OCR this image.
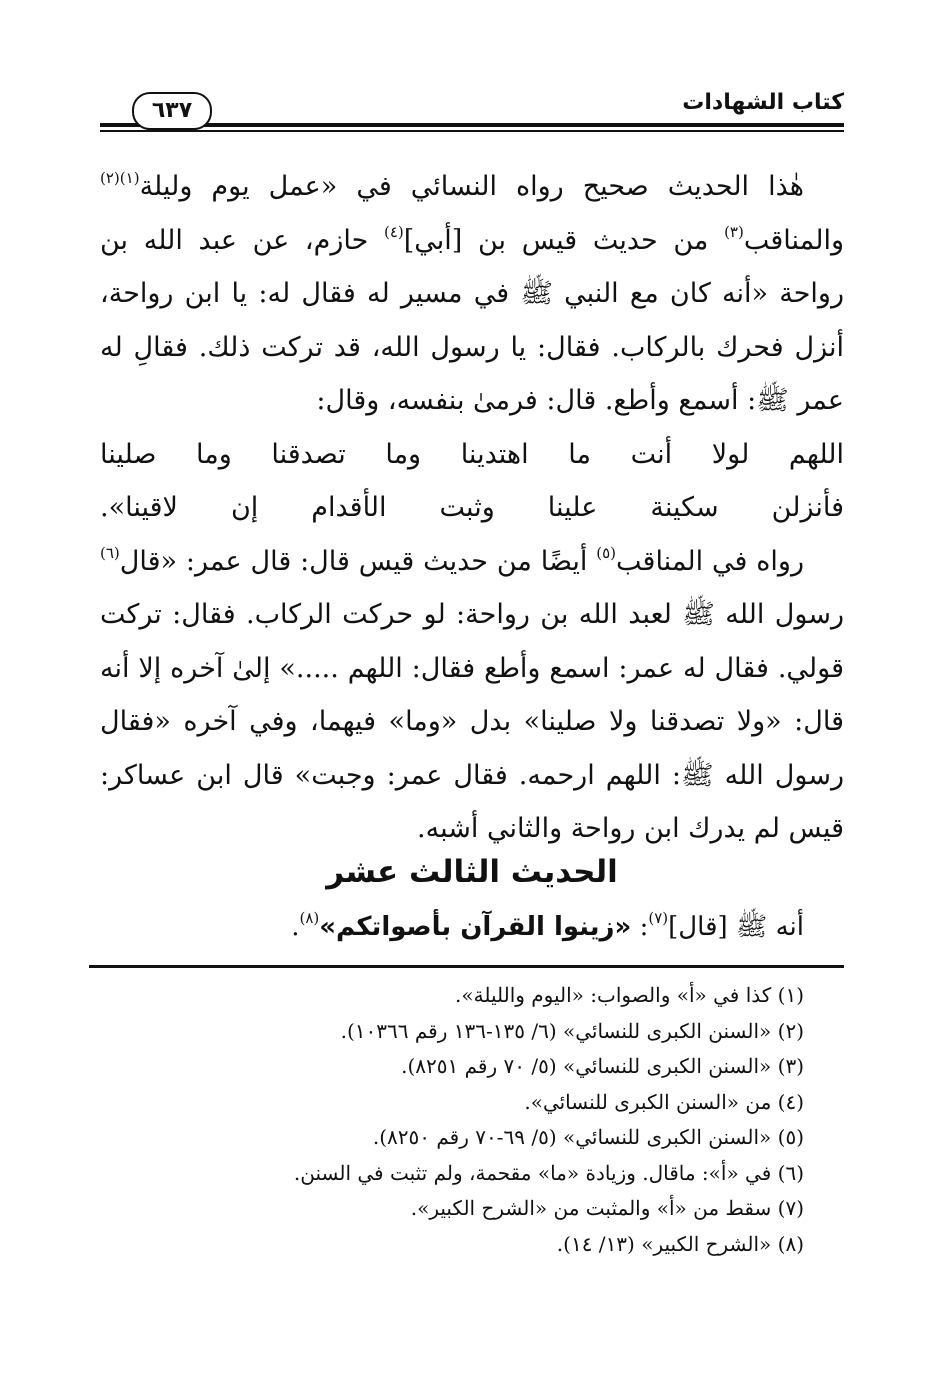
كتاب الشهادات
٦٣٧

هٰذا الحديث صحيح رواه النسائي في «عمل يوم وليلة$^{(١)(٢)}$ والمناقب$^{(٣)}$ من حديث قيس بن [أبي]$^{(٤)}$ حازم، عن عبد الله بن رواحة «أنه كان مع النبي ﷺ في مسير له فقال له: يا ابن رواحة، أنزل فحرك بالركاب. فقال: يا رسول الله، قد تركت ذلك. فقالِ له عمر ﷺ: أسمع وأطع. قال: فرمىٰ بنفسه، وقال:

اللهم لولا أنت ما اهتدينا وما تصدقنا وما صلينا
فأنزلن سكينة علينا وثبت الأقدام إن لاقينا».

رواه في المناقب$^{(٥)}$ أيضًا من حديث قيس قال: قال عمر: «قال$^{(٦)}$ رسول الله ﷺ لعبد الله بن رواحة: لو حركت الركاب. فقال: تركت قولي. فقال له عمر: اسمع وأطع فقال: اللهم .....» إلىٰ آخره إلا أنه قال: «ولا تصدقنا ولا صلينا» بدل «وما» فيهما، وفي آخره «فقال رسول الله ﷺ: اللهم ارحمه. فقال عمر: وجبت» قال ابن عساكر: قيس لم يدرك ابن رواحة والثاني أشبه.

الحديث الثالث عشر
أنه ﷺ [قال]$^{(٧)}$: «زينوا القرآن بأصواتكم»$^{(٨)}$.
(١) كذا في «أ» والصواب: «اليوم والليلة».
(٢) «السنن الكبرى للنسائي» (٦/ ١٣٥-١٣٦ رقم ١٠٣٦٦).
(٣) «السنن الكبرى للنسائي» (٥/ ٧٠ رقم ٨٢٥١).
(٤) من «السنن الكبرى للنسائي».
(٥) «السنن الكبرى للنسائي» (٥/ ٦٩-٧٠ رقم ٨٢٥٠).
(٦) في «أ»: ماقال. وزيادة «ما» مقحمة، ولم تثبت في السنن.
(٧) سقط من «أ» والمثبت من «الشرح الكبير».
(٨) «الشرح الكبير» (١٣/ ١٤).
